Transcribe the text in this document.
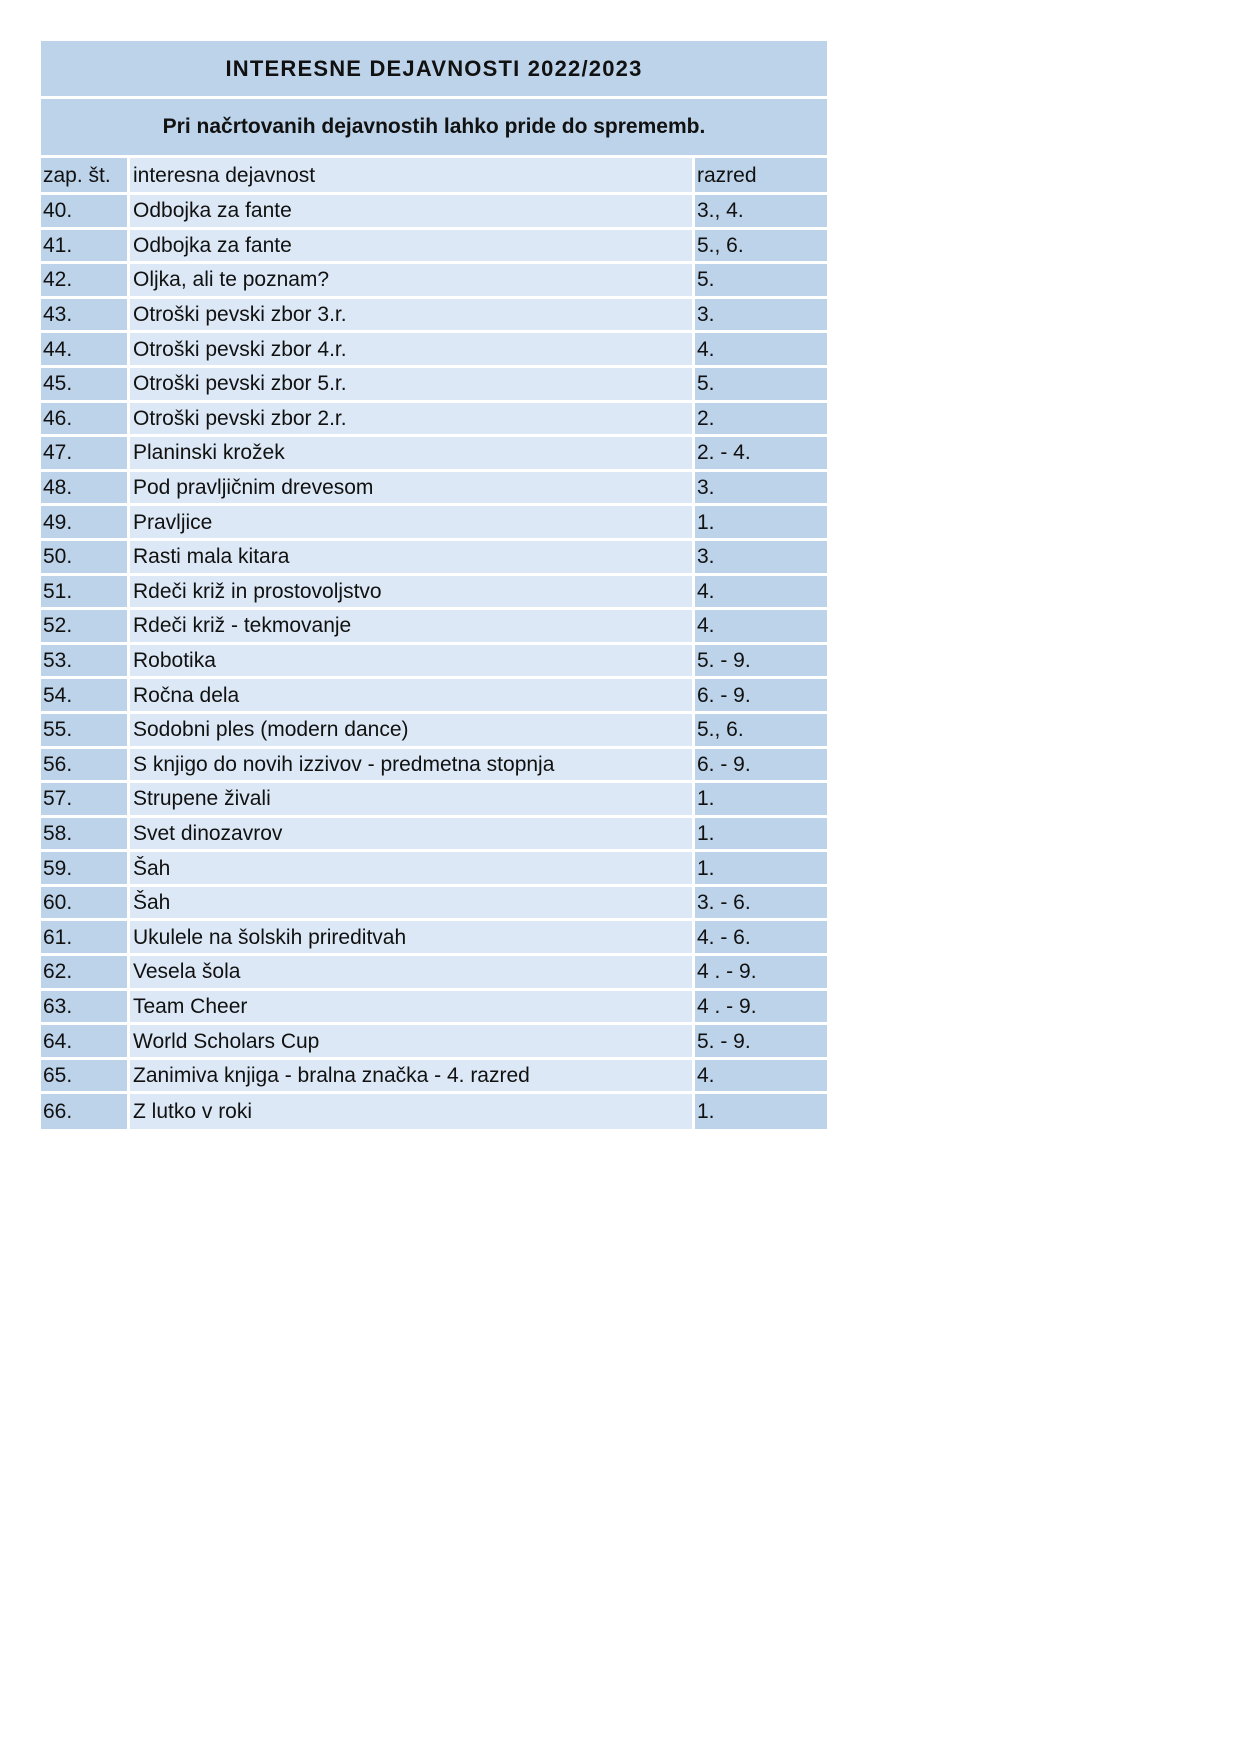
INTERESNE DEJAVNOSTI 2022/2023
Pri načrtovanih dejavnostih lahko pride do sprememb.
zap. št.	interesna dejavnost	razred
40.	Odbojka za fante	3., 4.
41.	Odbojka za fante	5., 6.
42.	Oljka, ali te poznam?	5.
43.	Otroški pevski zbor 3.r.	3.
44.	Otroški pevski zbor 4.r.	4.
45.	Otroški pevski zbor 5.r.	5.
46.	Otroški pevski zbor 2.r.	2.
47.	Planinski krožek	2. - 4.
48.	Pod pravljičnim drevesom	3.
49.	Pravljice	1.
50.	Rasti mala kitara	3.
51.	Rdeči križ in prostovoljstvo	4.
52.	Rdeči križ - tekmovanje	4.
53.	Robotika	5. - 9.
54.	Ročna dela	6. - 9.
55.	Sodobni ples (modern dance)	5., 6.
56.	S knjigo do novih izzivov - predmetna stopnja	6. - 9.
57.	Strupene živali	1.
58.	Svet dinozavrov	1.
59.	Šah	1.
60.	Šah	3. - 6.
61.	Ukulele na šolskih prireditvah	4. - 6.
62.	Vesela šola	4 . - 9.
63.	Team Cheer	4 . - 9.
64.	World Scholars Cup	5. - 9.
65.	Zanimiva knjiga - bralna značka - 4. razred	4.
66.	Z lutko v roki	1.
